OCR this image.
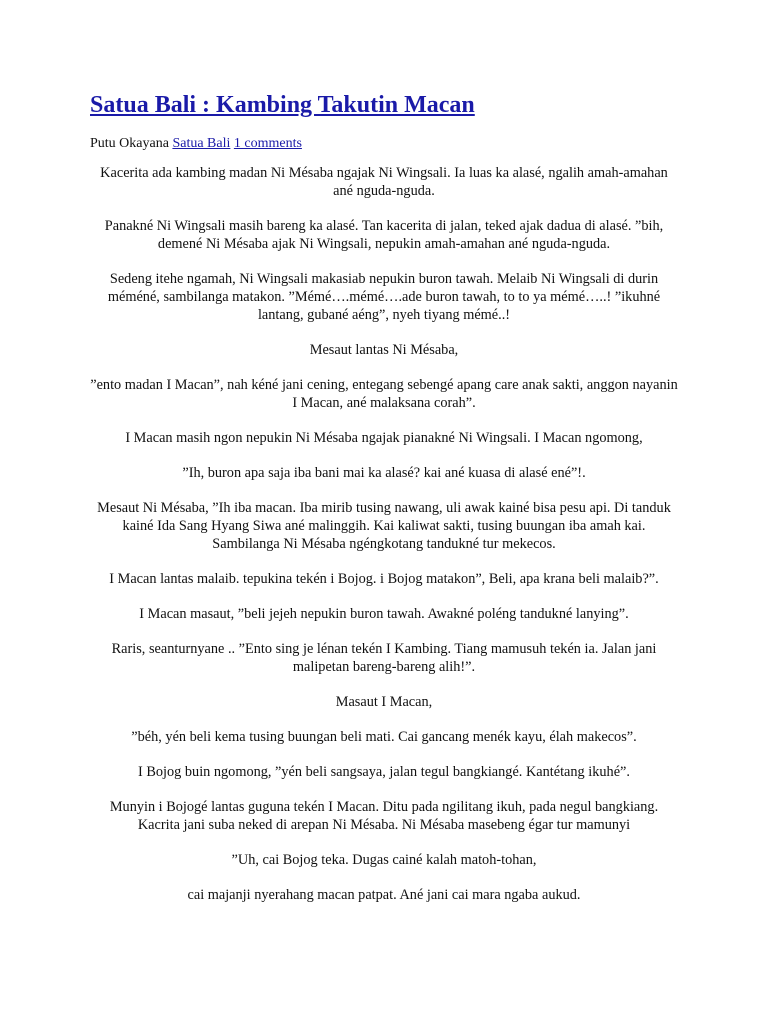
Satua Bali : Kambing Takutin Macan
Putu Okayana Satua Bali 1 comments

Kacerita ada kambing madan Ni Mésaba ngajak Ni Wingsali. Ia luas ka alasé, ngalih amah-amahan ané nguda-nguda.

Panakné Ni Wingsali masih bareng ka alasé. Tan kacerita di jalan, teked ajak dadua di alasé. ”bih, demené Ni Mésaba ajak Ni Wingsali, nepukin amah-amahan ané nguda-nguda.

Sedeng itehe ngamah, Ni Wingsali makasiab nepukin buron tawah. Melaib Ni Wingsali di durin méméné, sambilanga matakon. ”Mémé….mémé….ade buron tawah, to to ya mémé…..! ”ikuhné lantang, gubané aéng”, nyeh tiyang mémé..!

Mesaut lantas Ni Mésaba,

”ento madan I Macan”, nah kéné jani cening, entegang sebengé apang care anak sakti, anggon nayanin I Macan, ané malaksana corah”.

I Macan masih ngon nepukin Ni Mésaba ngajak pianakné Ni Wingsali. I Macan ngomong,

”Ih, buron apa saja iba bani mai ka alasé? kai ané kuasa di alasé ené”!.

Mesaut Ni Mésaba, ”Ih iba macan. Iba mirib tusing nawang, uli awak kainé bisa pesu api. Di tanduk kainé Ida Sang Hyang Siwa ané malinggih. Kai kaliwat sakti, tusing buungan iba amah kai. Sambilanga Ni Mésaba ngéngkotang tandukné tur mekecos.

I Macan lantas malaib. tepukina tekén i Bojog. i Bojog matakon”, Beli, apa krana beli malaib?”.

I Macan masaut, ”beli jejeh nepukin buron tawah. Awakné poléng tandukné lanying”.

Raris, seanturnyane .. ”Ento sing je lénan tekén I Kambing. Tiang mamusuh tekén ia. Jalan jani malipetan bareng-bareng alih!”.

Masaut I Macan,

”béh, yén beli kema tusing buungan beli mati. Cai gancang menék kayu, élah makecos”.

I Bojog buin ngomong, ”yén beli sangsaya, jalan tegul bangkiangé. Kantétang ikuhé”.

Munyin i Bojogé lantas guguna tekén I Macan. Ditu pada ngilitang ikuh, pada negul bangkiang. Kacrita jani suba neked di arepan Ni Mésaba. Ni Mésaba masebeng égar tur mamunyi

”Uh, cai Bojog teka. Dugas cainé kalah matoh-tohan,

cai majanji nyerahang macan patpat. Ané jani cai mara ngaba aukud.
